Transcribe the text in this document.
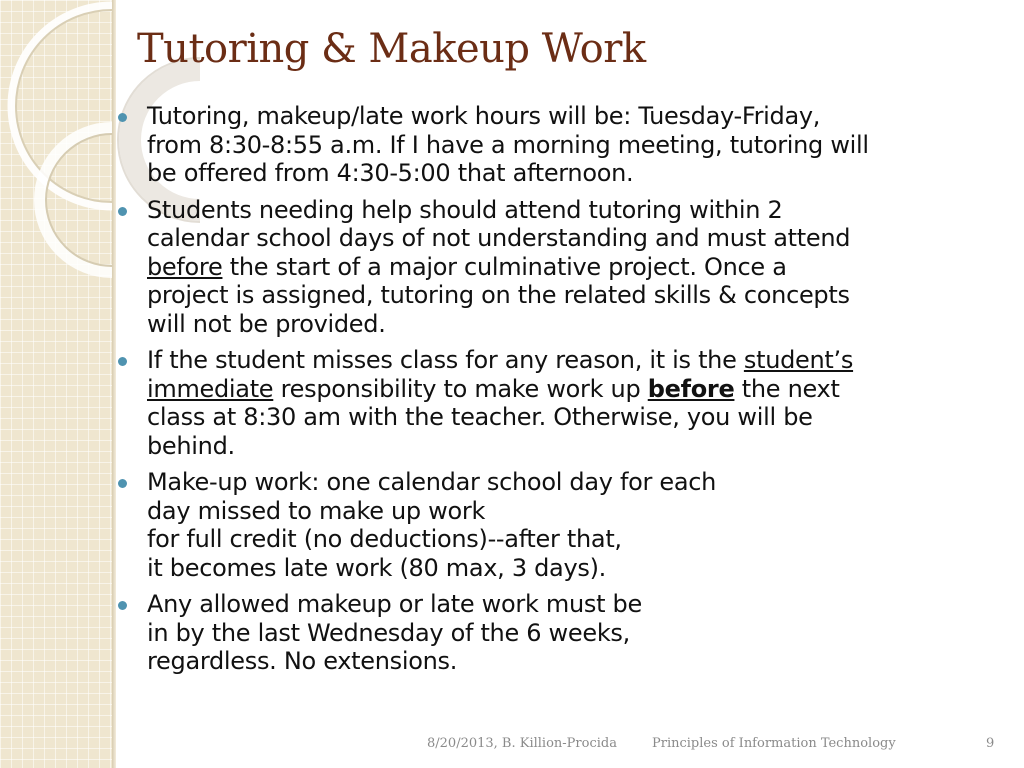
Tutoring & Makeup Work
Tutoring, makeup/late work hours will be: Tuesday-Friday,
from 8:30-8:55 a.m. If I have a morning meeting, tutoring will
be offered from 4:30-5:00 that afternoon.
Students needing help should attend tutoring within 2
calendar school days of not understanding and must attend
before the start of a major culminative project. Once a
project is assigned, tutoring on the related skills & concepts
will not be provided.
If the student misses class for any reason, it is the student’s
immediate responsibility to make work up before the next
class at 8:30 am with the teacher. Otherwise, you will be
behind.
Make-up work: one calendar school day for each
day missed to make up work
for full credit (no deductions)--after that,
it becomes late work (80 max, 3 days).
Any allowed makeup or late work must be
in by the last Wednesday of the 6 weeks,
regardless. No extensions.
8/20/2013, B. Killion-Procida	Principles of Information Technology	9
